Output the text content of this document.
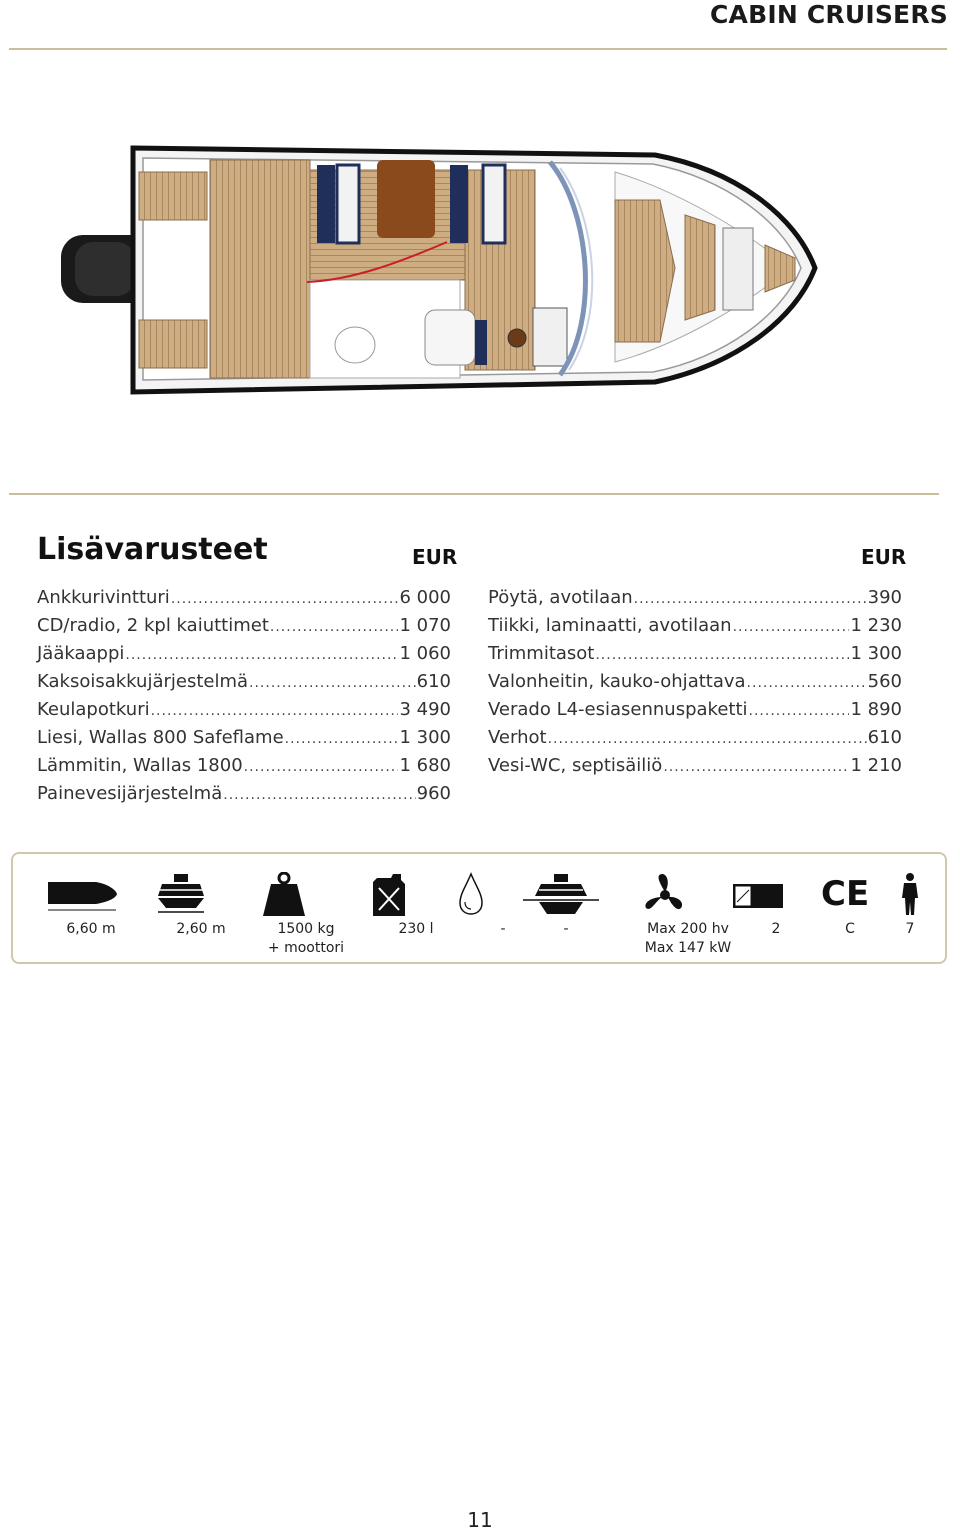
CABIN CRUISERS
Lisävarusteet	EUR	EUR
Ankkurivintturi .....	6 000
CD/radio, 2 kpl kaiuttimet .....	1 070
Jääkaappi .....	1 060
Kaksoisakkujärjestelmä .....	610
Keulapotkuri .....	3 490
Liesi, Wallas 800 Safeflame .....	1 300
Lämmitin, Wallas 1800 .....	1 680
Painevesijärjestelmä .....	960
Pöytä, avotilaan .....	390
Tiikki, laminaatti, avotilaan .....	1 230
Trimmitasot .....	1 300
Valonheitin, kauko-ohjattava .....	560
Verado L4-esiasennuspaketti .....	1 890
Verhot .....	610
Vesi-WC, septisäiliö .....	1 210
6,60 m	2,60 m	1500 kg
+ moottori
230 l	-	-	Max 200 hv
Max 147 kW
2
CE
C	7
11
